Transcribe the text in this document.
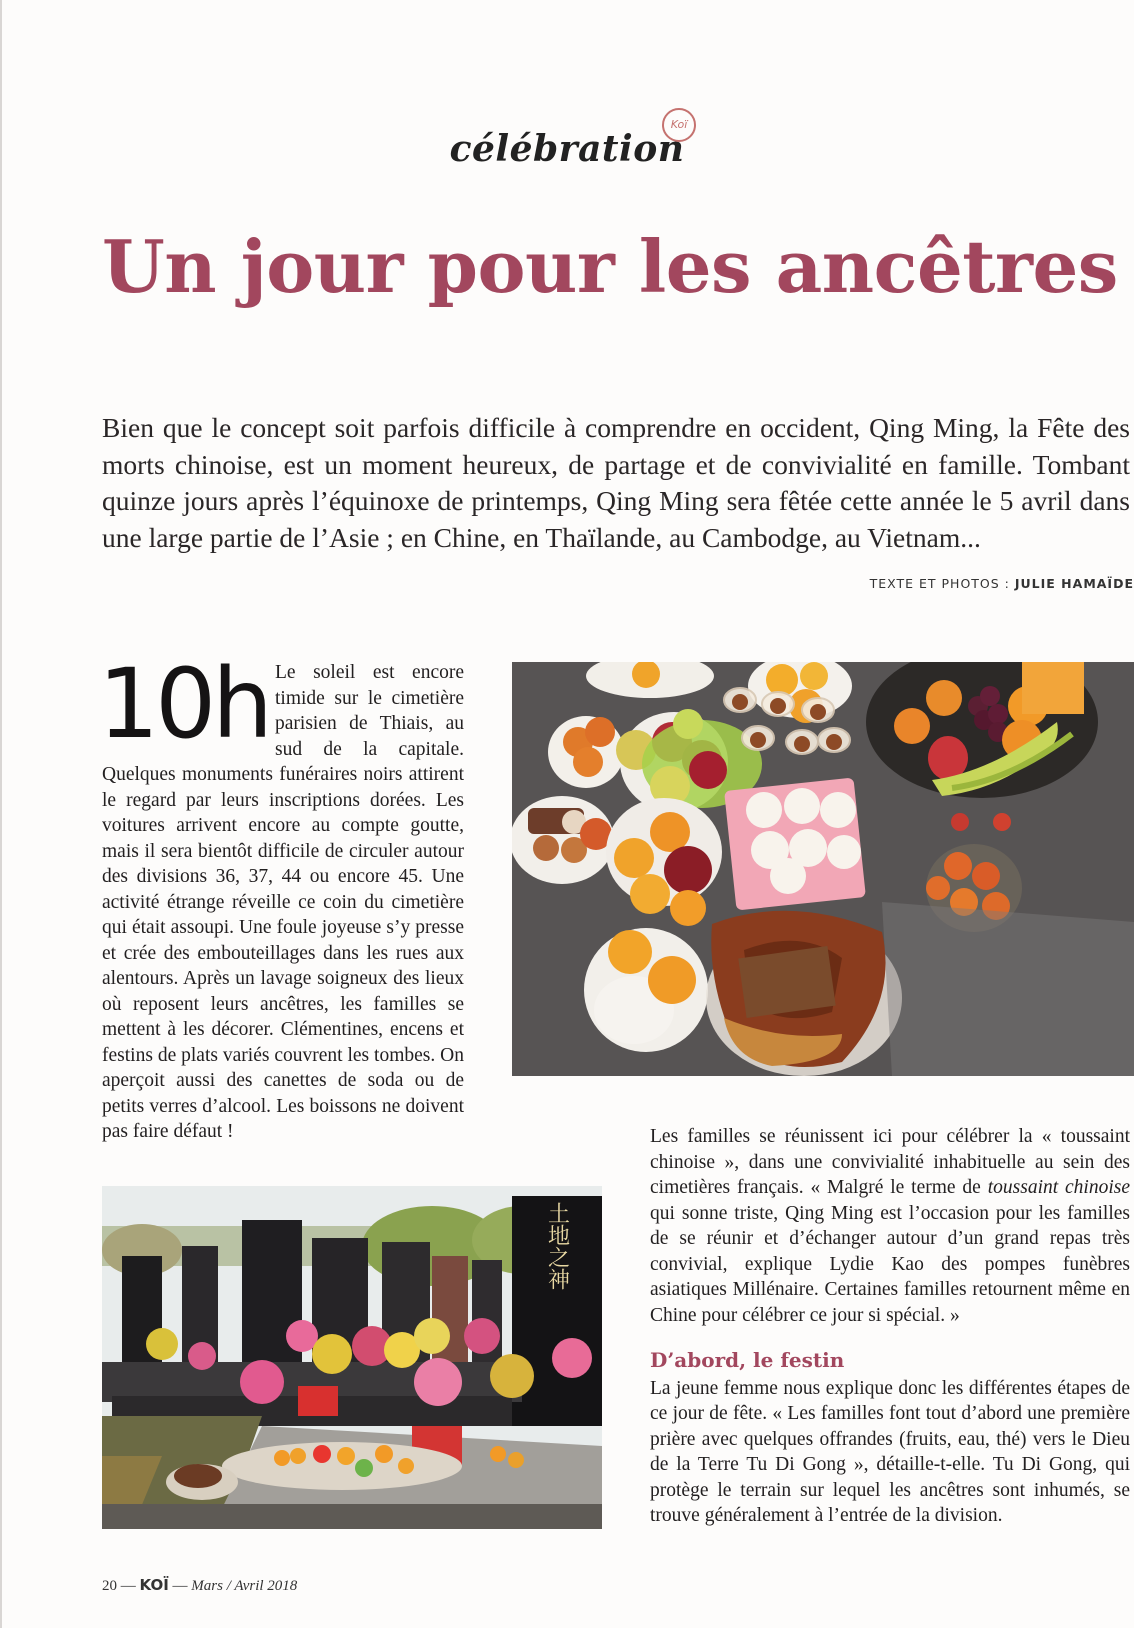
célébration
Koï
Un jour pour les ancêtres

Bien que le concept soit parfois difficile à comprendre en occident, Qing Ming, la Fête des morts chinoise, est un moment heureux, de partage et de convivialité en famille. Tombant quinze jours après l’équinoxe de printemps, Qing Ming sera fêtée cette année le 5 avril dans une large partie de l’Asie ; en Chine, en Thaïlande, au Cambodge, au Vietnam...

TEXTE ET PHOTOS : JULIE HAMAÏDE
10h Le soleil est encore timide sur le cimetière parisien de Thiais, au sud de la capitale. Quelques monuments funéraires noirs attirent le regard par leurs inscriptions dorées. Les voitures arrivent encore au compte goutte, mais il sera bientôt difficile de circuler autour des divisions 36, 37, 44 ou encore 45. Une activité étrange réveille ce coin du cimetière qui était assoupi. Une foule joyeuse s’y presse et crée des embouteillages dans les rues aux alentours. Après un lavage soigneux des lieux où reposent leurs ancêtres, les familles se mettent à les décorer. Clémentines, encens et festins de plats variés couvrent les tombes. On aperçoit aussi des canettes de soda ou de petits verres d’alcool. Les boissons ne doivent pas faire défaut !
土地之神

Les familles se réunissent ici pour célébrer la « toussaint chinoise », dans une convivialité inhabituelle au sein des cimetières français. « Malgré le terme de toussaint chinoise qui sonne triste, Qing Ming est l’occasion pour les familles de se réunir et d’échanger autour d’un grand repas très convivial, explique Lydie Kao des pompes funèbres asiatiques Millénaire. Certaines familles retournent même en Chine pour célébrer ce jour si spécial. »

D’abord, le festin

La jeune femme nous explique donc les différentes étapes de ce jour de fête. « Les familles font tout d’abord une première prière avec quelques offrandes (fruits, eau, thé) vers le Dieu de la Terre Tu Di Gong », détaille-t-elle. Tu Di Gong, qui protège le terrain sur lequel les ancêtres sont inhumés, se trouve généralement à l’entrée de la division.

20 — KOÏ — Mars / Avril 2018
